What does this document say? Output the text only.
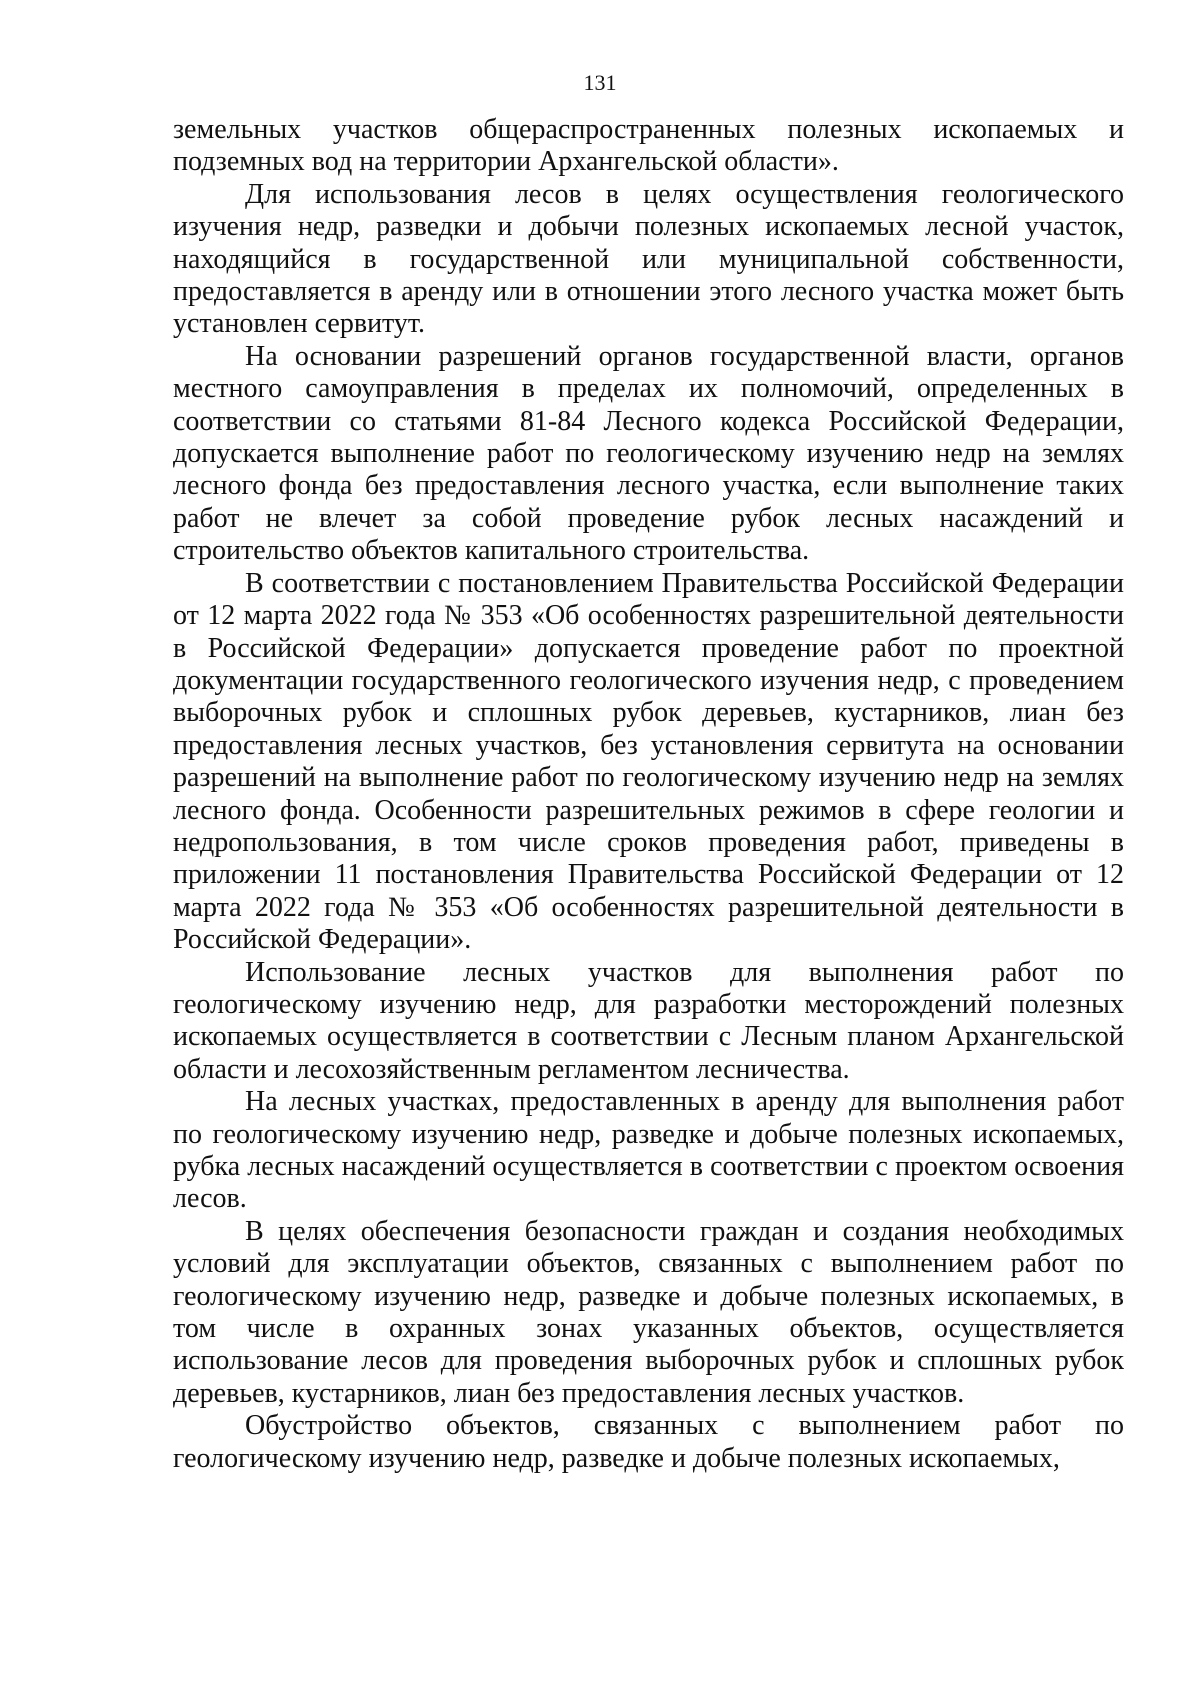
131

земельных участков общераспространенных полезных ископаемых и подземных вод на территории Архангельской области».

Для использования лесов в целях осуществления геологического изучения недр, разведки и добычи полезных ископаемых лесной участок, находящийся в государственной или муниципальной собственности, предоставляется в аренду или в отношении этого лесного участка может быть установлен сервитут.

На основании разрешений органов государственной власти, органов местного самоуправления в пределах их полномочий, определенных в соответствии со статьями 81-84 Лесного кодекса Российской Федерации, допускается выполнение работ по геологическому изучению недр на землях лесного фонда без предоставления лесного участка, если выполнение таких работ не влечет за собой проведение рубок лесных насаждений и строительство объектов капитального строительства.

В соответствии с постановлением Правительства Российской Федерации от 12 марта 2022 года № 353 «Об особенностях разрешительной деятельности в Российской Федерации» допускается проведение работ по проектной документации государственного геологического изучения недр, с проведением выборочных рубок и сплошных рубок деревьев, кустарников, лиан без предоставления лесных участков, без установления сервитута на основании разрешений на выполнение работ по геологическому изучению недр на землях лесного фонда. Особенности разрешительных режимов в сфере геологии и недропользования, в том числе сроков проведения работ, приведены в приложении 11 постановления Правительства Российской Федерации от 12 марта 2022 года № 353 «Об особенностях разрешительной деятельности в Российской Федерации».

Использование лесных участков для выполнения работ по геологическому изучению недр, для разработки месторождений полезных ископаемых осуществляется в соответствии с Лесным планом Архангельской области и лесохозяйственным регламентом лесничества.

На лесных участках, предоставленных в аренду для выполнения работ по геологическому изучению недр, разведке и добыче полезных ископаемых, рубка лесных насаждений осуществляется в соответствии с проектом освоения лесов.

В целях обеспечения безопасности граждан и создания необходимых условий для эксплуатации объектов, связанных с выполнением работ по геологическому изучению недр, разведке и добыче полезных ископаемых, в том числе в охранных зонах указанных объектов, осуществляется использование лесов для проведения выборочных рубок и сплошных рубок деревьев, кустарников, лиан без предоставления лесных участков.

Обустройство объектов, связанных с выполнением работ по геологическому изучению недр, разведке и добыче полезных ископаемых,
